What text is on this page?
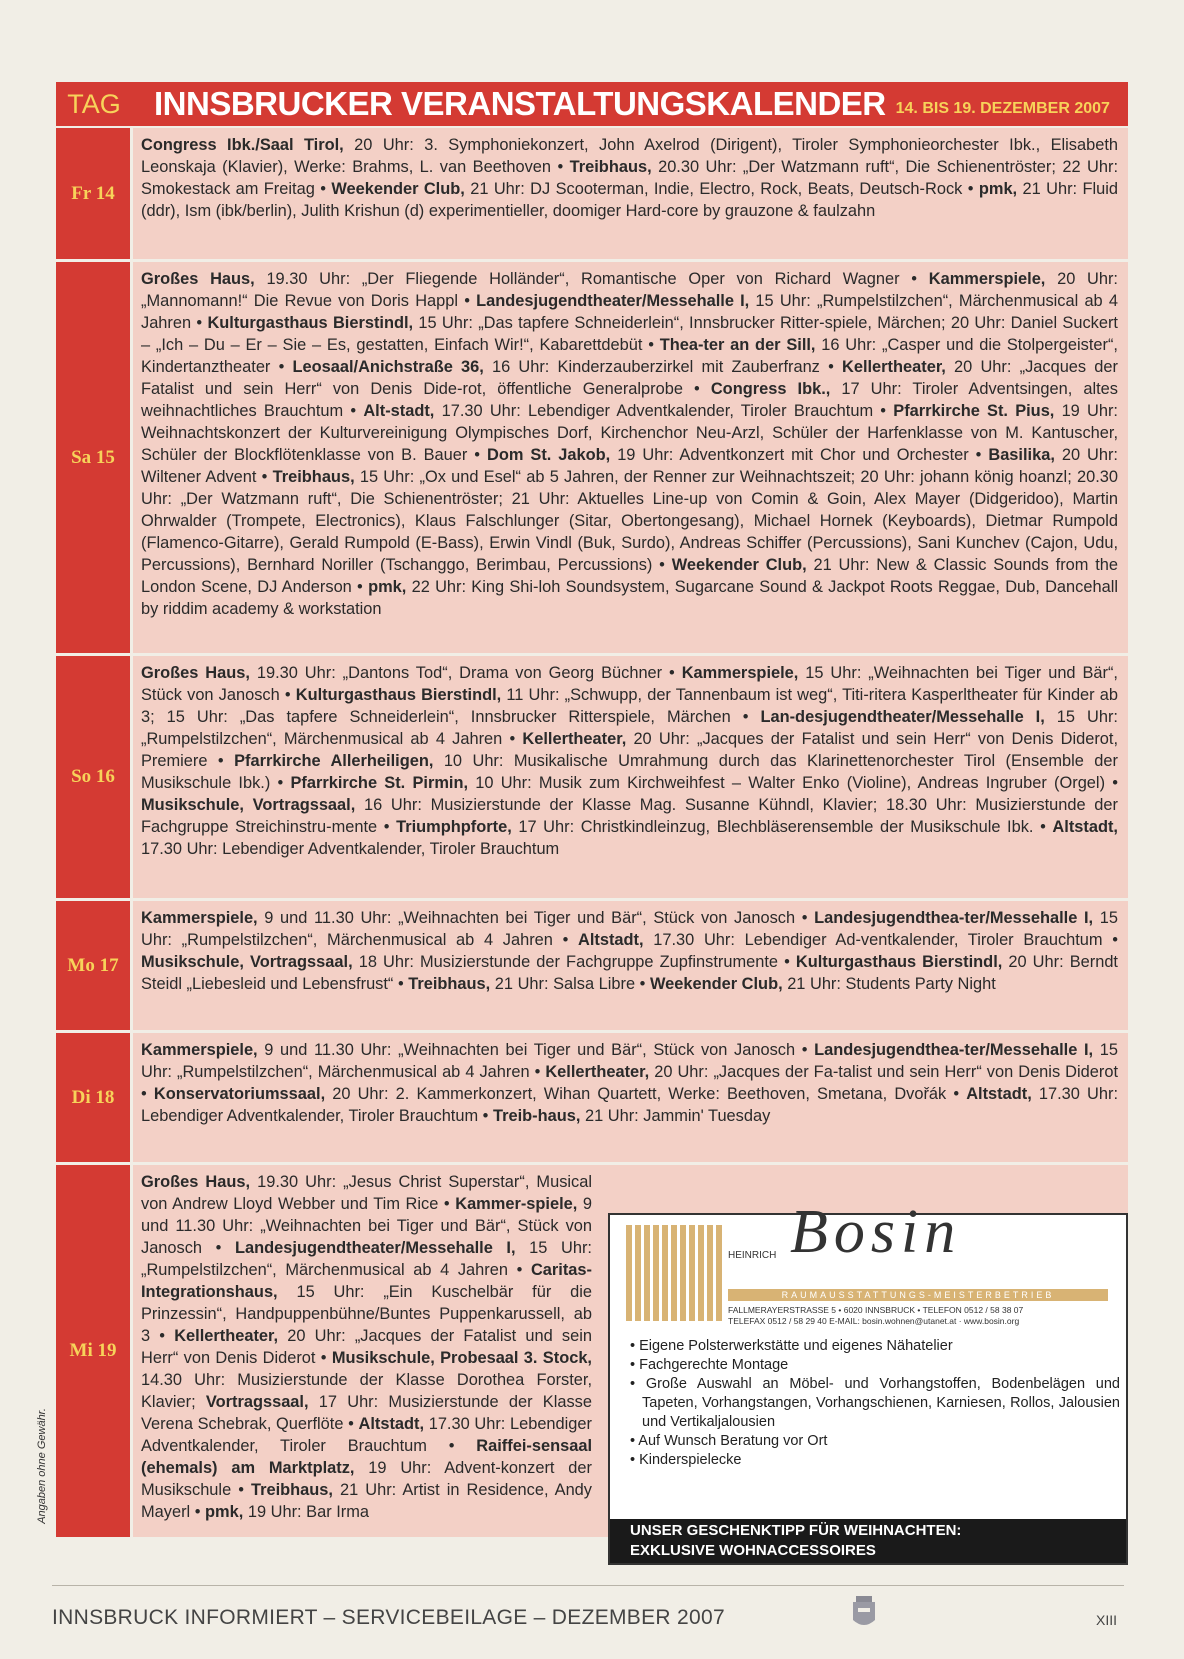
TAG	INNSBRUCKER VERANSTALTUNGSKALENDER 14. BIS 19. DEZEMBER 2007
Fr 14
Congress Ibk./Saal Tirol, 20 Uhr: 3. Symphoniekonzert, John Axelrod (Dirigent), Tiroler Symphonieorchester Ibk., Elisabeth Leonskaja (Klavier), Werke: Brahms, L. van Beethoven • Treibhaus, 20.30 Uhr: „Der Watzmann ruft“, Die Schienentröster; 22 Uhr: Smokestack am Freitag • Weekender Club, 21 Uhr: DJ Scooterman, Indie, Electro, Rock, Beats, Deutsch-Rock • pmk, 21 Uhr: Fluid (ddr), Ism (ibk/berlin), Julith Krishun (d) experimentieller, doomiger Hard-core by grauzone & faulzahn
Sa 15
Großes Haus, 19.30 Uhr: „Der Fliegende Holländer“, Romantische Oper von Richard Wagner • Kammerspiele, 20 Uhr: „Mannomann!“ Die Revue von Doris Happl • Landesjugendtheater/Messehalle I, 15 Uhr: „Rumpelstilzchen“, Märchenmusical ab 4 Jahren • Kulturgasthaus Bierstindl, 15 Uhr: „Das tapfere Schneiderlein“, Innsbrucker Ritter-spiele, Märchen; 20 Uhr: Daniel Suckert – „Ich – Du – Er – Sie – Es, gestatten, Einfach Wir!“, Kabarettdebüt • Thea-ter an der Sill, 16 Uhr: „Casper und die Stolpergeister“, Kindertanztheater • Leosaal/Anichstraße 36, 16 Uhr: Kinderzauberzirkel mit Zauberfranz • Kellertheater, 20 Uhr: „Jacques der Fatalist und sein Herr“ von Denis Dide-rot, öffentliche Generalprobe • Congress Ibk., 17 Uhr: Tiroler Adventsingen, altes weihnachtliches Brauchtum • Alt-stadt, 17.30 Uhr: Lebendiger Adventkalender, Tiroler Brauchtum • Pfarrkirche St. Pius, 19 Uhr: Weihnachtskonzert der Kulturvereinigung Olympisches Dorf, Kirchenchor Neu-Arzl, Schüler der Harfenklasse von M. Kantuscher, Schüler der Blockflötenklasse von B. Bauer • Dom St. Jakob, 19 Uhr: Adventkonzert mit Chor und Orchester • Basilika, 20 Uhr: Wiltener Advent • Treibhaus, 15 Uhr: „Ox und Esel“ ab 5 Jahren, der Renner zur Weihnachtszeit; 20 Uhr: johann könig hoanzl; 20.30 Uhr: „Der Watzmann ruft“, Die Schienentröster; 21 Uhr: Aktuelles Line-up von Comin & Goin, Alex Mayer (Didgeridoo), Martin Ohrwalder (Trompete, Electronics), Klaus Falschlunger (Sitar, Obertongesang), Michael Hornek (Keyboards), Dietmar Rumpold (Flamenco-Gitarre), Gerald Rumpold (E-Bass), Erwin Vindl (Buk, Surdo), Andreas Schiffer (Percussions), Sani Kunchev (Cajon, Udu, Percussions), Bernhard Noriller (Tschanggo, Berimbau, Percussions) • Weekender Club, 21 Uhr: New & Classic Sounds from the London Scene, DJ Anderson • pmk, 22 Uhr: King Shi-loh Soundsystem, Sugarcane Sound & Jackpot Roots Reggae, Dub, Dancehall by riddim academy & workstation
So 16
Großes Haus, 19.30 Uhr: „Dantons Tod“, Drama von Georg Büchner • Kammerspiele, 15 Uhr: „Weihnachten bei Tiger und Bär“, Stück von Janosch • Kulturgasthaus Bierstindl, 11 Uhr: „Schwupp, der Tannenbaum ist weg“, Titi-ritera Kasperltheater für Kinder ab 3; 15 Uhr: „Das tapfere Schneiderlein“, Innsbrucker Ritterspiele, Märchen • Lan-desjugendtheater/Messehalle I, 15 Uhr: „Rumpelstilzchen“, Märchenmusical ab 4 Jahren • Kellertheater, 20 Uhr: „Jacques der Fatalist und sein Herr“ von Denis Diderot, Premiere • Pfarrkirche Allerheiligen, 10 Uhr: Musikalische Umrahmung durch das Klarinettenorchester Tirol (Ensemble der Musikschule Ibk.) • Pfarrkirche St. Pirmin, 10 Uhr: Musik zum Kirchweihfest – Walter Enko (Violine), Andreas Ingruber (Orgel) • Musikschule, Vortragssaal, 16 Uhr: Musizierstunde der Klasse Mag. Susanne Kühndl, Klavier; 18.30 Uhr: Musizierstunde der Fachgruppe Streichinstru-mente • Triumphpforte, 17 Uhr: Christkindleinzug, Blechbläserensemble der Musikschule Ibk. • Altstadt, 17.30 Uhr: Lebendiger Adventkalender, Tiroler Brauchtum
Mo 17
Kammerspiele, 9 und 11.30 Uhr: „Weihnachten bei Tiger und Bär“, Stück von Janosch • Landesjugendthea-ter/Messehalle I, 15 Uhr: „Rumpelstilzchen“, Märchenmusical ab 4 Jahren • Altstadt, 17.30 Uhr: Lebendiger Ad-ventkalender, Tiroler Brauchtum • Musikschule, Vortragssaal, 18 Uhr: Musizierstunde der Fachgruppe Zupfinstrumente • Kulturgasthaus Bierstindl, 20 Uhr: Berndt Steidl „Liebesleid und Lebensfrust“ • Treibhaus, 21 Uhr: Salsa Libre • Weekender Club, 21 Uhr: Students Party Night
Di 18
Kammerspiele, 9 und 11.30 Uhr: „Weihnachten bei Tiger und Bär“, Stück von Janosch • Landesjugendthea-ter/Messehalle I, 15 Uhr: „Rumpelstilzchen“, Märchenmusical ab 4 Jahren • Kellertheater, 20 Uhr: „Jacques der Fa-talist und sein Herr“ von Denis Diderot • Konservatoriumssaal, 20 Uhr: 2. Kammerkonzert, Wihan Quartett, Werke: Beethoven, Smetana, Dvořák • Altstadt, 17.30 Uhr: Lebendiger Adventkalender, Tiroler Brauchtum • Treib-haus, 21 Uhr: Jammin' Tuesday
Mi 19
HEINRICH Bosin
RAUMAUSSTATTUNGS-MEISTERBETRIEB
FALLMERAYERSTRASSE 5 • 6020 INNSBRUCK • TELEFON 0512 / 58 38 07
TELEFAX 0512 / 58 29 40 E-MAIL: bosin.wohnen@utanet.at · www.bosin.org
• Eigene Polsterwerkstätte und eigenes Nähatelier
• Fachgerechte Montage
• Große Auswahl an Möbel- und Vorhangstoffen, Bodenbelägen und Tapeten, Vorhangstangen, Vorhangschienen, Karniesen, Rollos, Jalousien und Vertikaljalousien
• Auf Wunsch Beratung vor Ort
• Kinderspielecke
UNSER GESCHENKTIPP FÜR WEIHNACHTEN:
EXKLUSIVE WOHNACCESSOIRES
Großes Haus, 19.30 Uhr: „Jesus Christ Superstar“, Musical von Andrew Lloyd Webber und Tim Rice • Kammer-spiele, 9 und 11.30 Uhr: „Weihnachten bei Tiger und Bär“, Stück von Janosch • Landesjugendtheater/Messehalle I, 15 Uhr: „Rumpelstilzchen“, Märchenmusical ab 4 Jahren • Caritas-Integrationshaus, 15 Uhr: „Ein Kuschelbär für die Prinzessin“, Handpuppenbühne/Buntes Puppenkarussell, ab 3 • Kellertheater, 20 Uhr: „Jacques der Fatalist und sein Herr“ von Denis Diderot • Musikschule, Probesaal 3. Stock, 14.30 Uhr: Musizierstunde der Klasse Dorothea Forster, Klavier; Vortragssaal, 17 Uhr: Musizierstunde der Klasse Verena Schebrak, Querflöte • Altstadt, 17.30 Uhr: Lebendiger Adventkalender, Tiroler Brauchtum • Raiffei-sensaal (ehemals) am Marktplatz, 19 Uhr: Advent-konzert der Musikschule • Treibhaus, 21 Uhr: Artist in Residence, Andy Mayerl • pmk, 19 Uhr: Bar Irma
Angaben ohne Gewähr.
INNSBRUCK INFORMIERT – SERVICEBEILAGE – DEZEMBER 2007	XIII
